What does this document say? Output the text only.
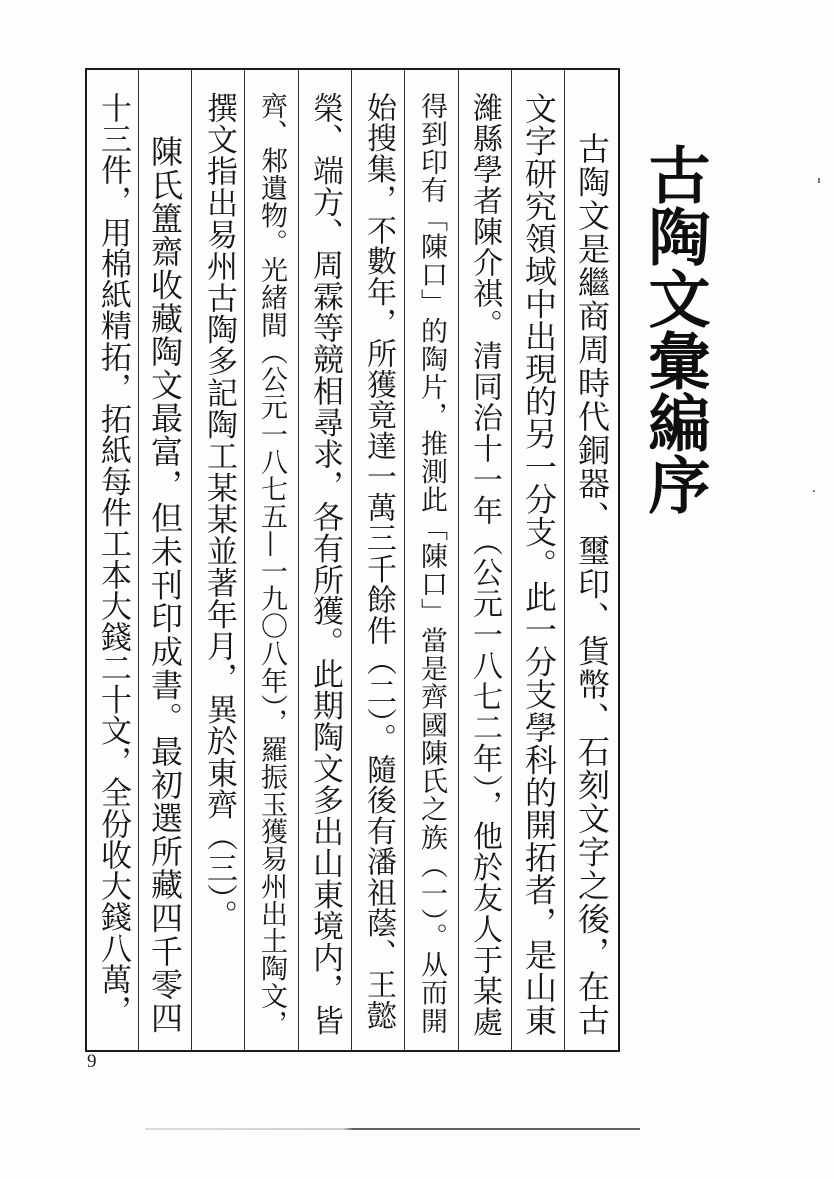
古陶文彙編序
古陶文是繼商周時代銅器、璽印、貨幣、石刻文字之後，在古
文字研究領域中出現的另一分支。此一分支學科的開拓者，是山東
濰縣學者陳介祺。清同治十一年（公元一八七二年），他於友人于某處
得到印有「陳口」的陶片，推測此「陳口」當是齊國陳氏之族（一）。从而開
始搜集，不數年，所獲竟達一萬三千餘件（二）。隨後有潘祖蔭、王懿
榮、端方、周霖等競相尋求，各有所獲。此期陶文多出山東境内，皆
齊、邾遺物。光緒間（公元一八七五—一九〇八年），羅振玉獲易州出土陶文，
撰文指出易州古陶多記陶工某某並著年月，異於東齊（三）。
陳氏簠齋收藏陶文最富，但未刊印成書。最初選所藏四千零四
十三件，用棉紙精拓，拓紙每件工本大錢二十文，全份收大錢八萬，
9
